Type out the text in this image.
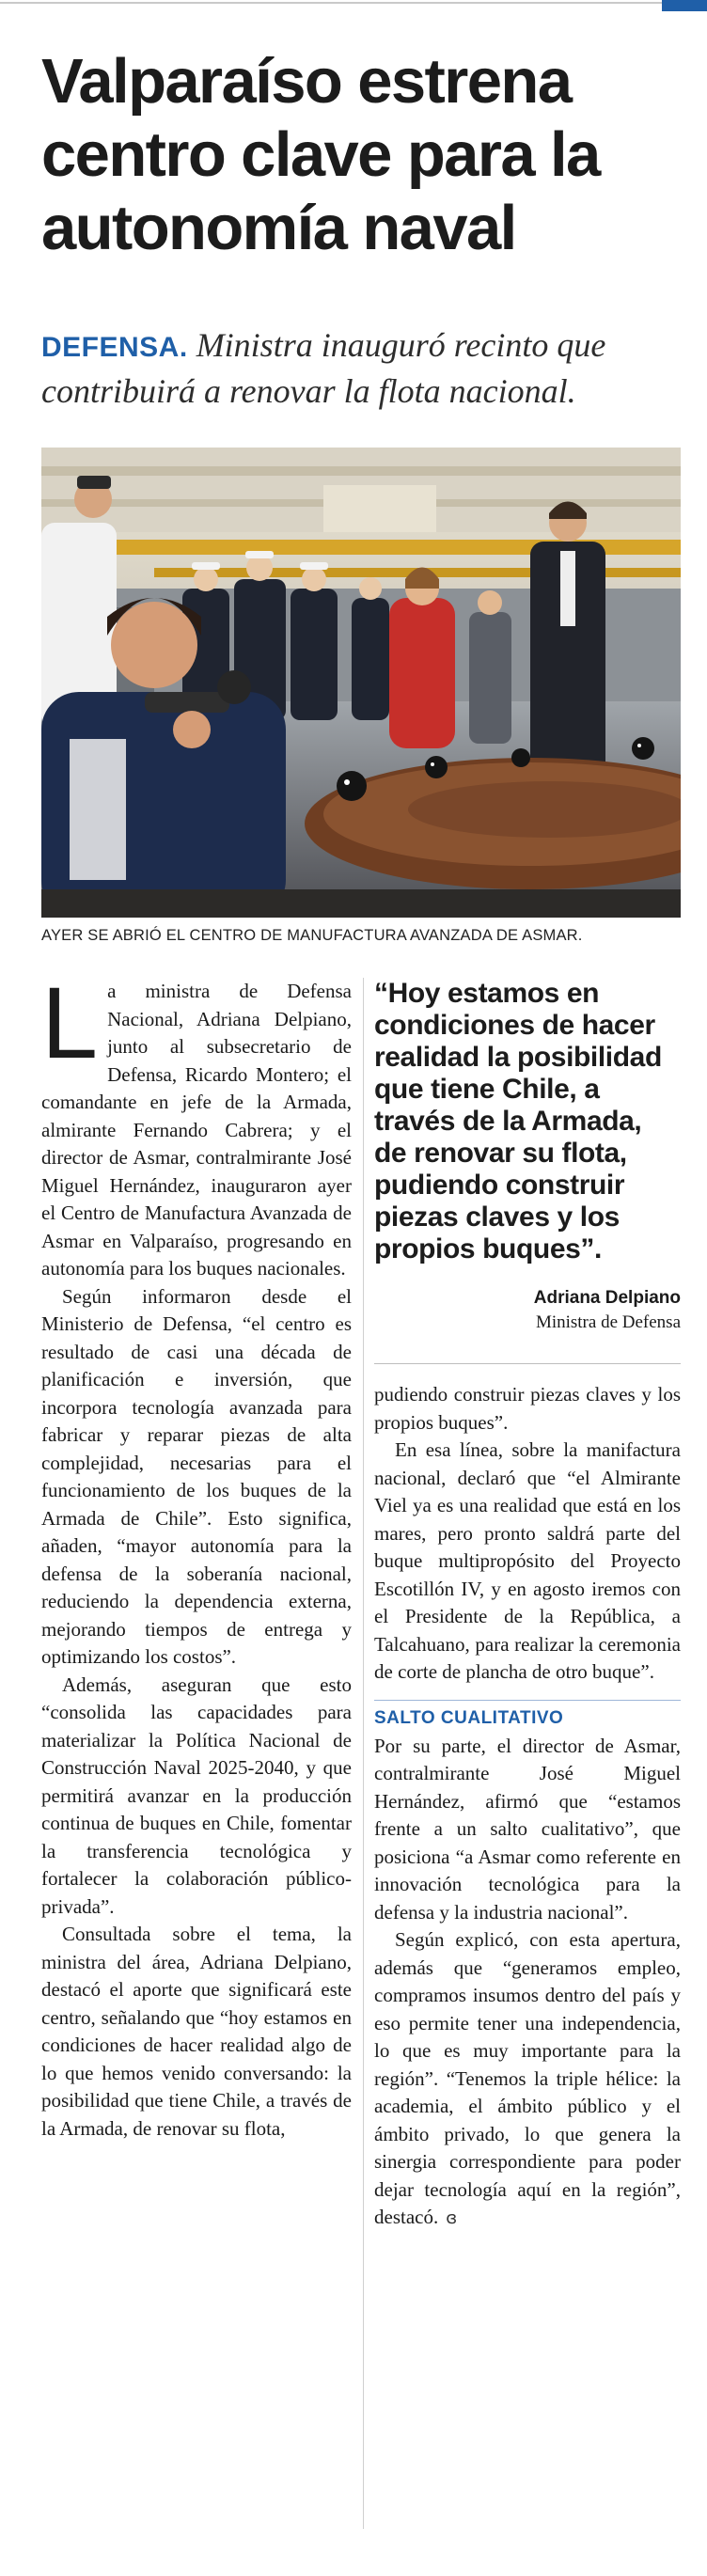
Valparaíso estrena centro clave para la autonomía naval
DEFENSA. Ministra inauguró recinto que contribuirá a renovar la flota nacional.
AYER SE ABRIÓ EL CENTRO DE MANUFACTURA AVANZADA DE ASMAR.

La ministra de Defensa Nacional, Adriana Delpiano, junto al subsecretario de Defensa, Ricardo Montero; el comandante en jefe de la Armada, almirante Fernando Cabrera; y el director de Asmar, contralmirante José Miguel Hernández, inauguraron ayer el Centro de Manufactura Avanzada de Asmar en Valparaíso, progresando en autonomía para los buques nacionales.

Según informaron desde el Ministerio de Defensa, “el centro es resultado de casi una década de planificación e inversión, que incorpora tecnología avanzada para fabricar y reparar piezas de alta complejidad, necesarias para el funcionamiento de los buques de la Armada de Chile”. Esto significa, añaden, “mayor autonomía para la defensa de la soberanía nacional, reduciendo la dependencia externa, mejorando tiempos de entrega y optimizando los costos”.

Además, aseguran que esto “consolida las capacidades para materializar la Política Nacional de Construcción Naval 2025-2040, y que permitirá avanzar en la producción continua de buques en Chile, fomentar la transferencia tecnológica y fortalecer la colaboración público-privada”.

Consultada sobre el tema, la ministra del área, Adriana Delpiano, destacó el aporte que significará este centro, señalando que “hoy estamos en condiciones de hacer realidad algo de lo que hemos venido conversando: la posibilidad que tiene Chile, a través de la Armada, de renovar su flota,

“Hoy estamos en condiciones de hacer realidad la posibilidad que tiene Chile, a través de la Armada, de renovar su flota, pudiendo construir piezas claves y los propios buques”.
Adriana Delpiano
Ministra de Defensa

pudiendo construir piezas claves y los propios buques”.

En esa línea, sobre la manifactura nacional, declaró que “el Almirante Viel ya es una realidad que está en los mares, pero pronto saldrá parte del buque multipropósito del Proyecto Escotillón IV, y en agosto iremos con el Presidente de la República, a Talcahuano, para realizar la ceremonia de corte de plancha de otro buque”.

SALTO CUALITATIVO

Por su parte, el director de Asmar, contralmirante José Miguel Hernández, afirmó que “estamos frente a un salto cualitativo”, que posiciona “a Asmar como referente en innovación tecnológica para la defensa y la industria nacional”.

Según explicó, con esta apertura, además que “generamos empleo, compramos insumos dentro del país y eso permite tener una independencia, lo que es muy importante para la región”. “Tenemos la triple hélice: la academia, el ámbito público y el ámbito privado, lo que genera la sinergia correspondiente para poder dejar tecnología aquí en la región”, destacó. ɞ
